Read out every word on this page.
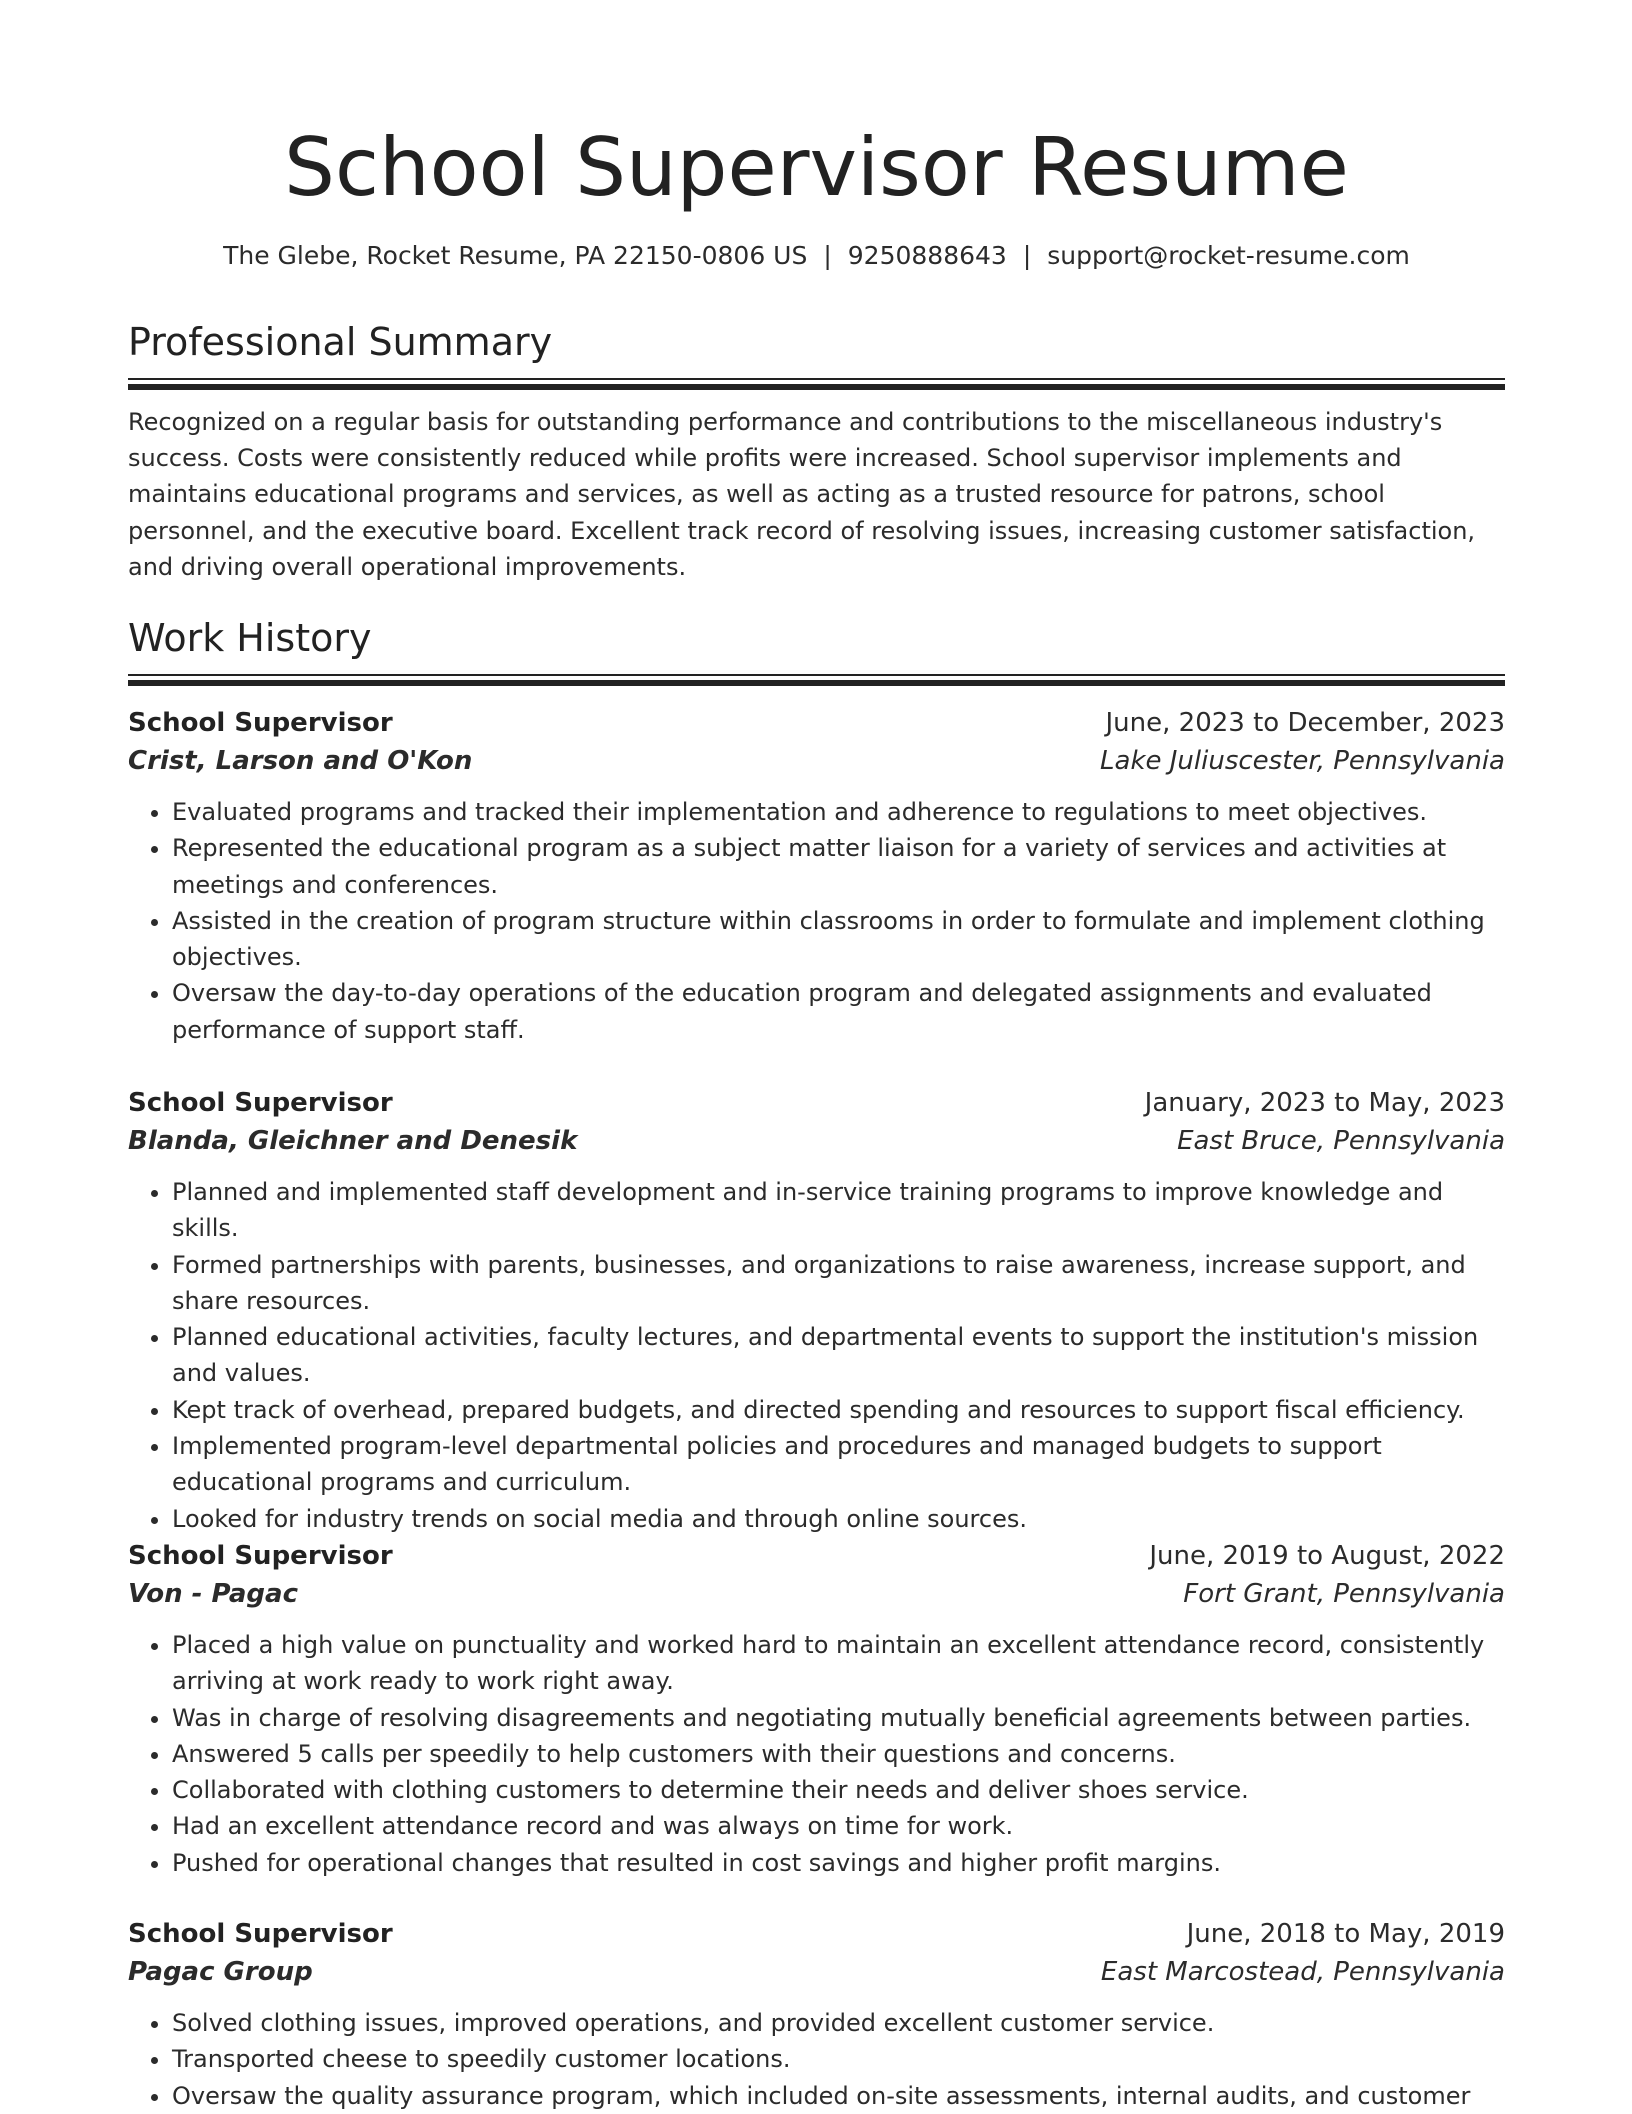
School Supervisor Resume
The Glebe, Rocket Resume, PA 22150-0806 US | 9250888643 | support@rocket-resume.com
Professional Summary
Recognized on a regular basis for outstanding performance and contributions to the miscellaneous industry's success. Costs were consistently reduced while profits were increased. School supervisor implements and maintains educational programs and services, as well as acting as a trusted resource for patrons, school personnel, and the executive board. Excellent track record of resolving issues, increasing customer satisfaction, and driving overall operational improvements.
Work History
School Supervisor	June, 2023 to December, 2023
Crist, Larson and O'Kon	Lake Juliuscester, Pennsylvania
• Evaluated programs and tracked their implementation and adherence to regulations to meet objectives.
• Represented the educational program as a subject matter liaison for a variety of services and activities at meetings and conferences.
• Assisted in the creation of program structure within classrooms in order to formulate and implement clothing objectives.
• Oversaw the day-to-day operations of the education program and delegated assignments and evaluated performance of support staff.
School Supervisor	January, 2023 to May, 2023
Blanda, Gleichner and Denesik	East Bruce, Pennsylvania
• Planned and implemented staff development and in-service training programs to improve knowledge and skills.
• Formed partnerships with parents, businesses, and organizations to raise awareness, increase support, and share resources.
• Planned educational activities, faculty lectures, and departmental events to support the institution's mission and values.
• Kept track of overhead, prepared budgets, and directed spending and resources to support fiscal efficiency.
• Implemented program-level departmental policies and procedures and managed budgets to support educational programs and curriculum.
• Looked for industry trends on social media and through online sources.
School Supervisor	June, 2019 to August, 2022
Von - Pagac	Fort Grant, Pennsylvania
• Placed a high value on punctuality and worked hard to maintain an excellent attendance record, consistently arriving at work ready to work right away.
• Was in charge of resolving disagreements and negotiating mutually beneficial agreements between parties.
• Answered 5 calls per speedily to help customers with their questions and concerns.
• Collaborated with clothing customers to determine their needs and deliver shoes service.
• Had an excellent attendance record and was always on time for work.
• Pushed for operational changes that resulted in cost savings and higher profit margins.
School Supervisor	June, 2018 to May, 2019
Pagac Group	East Marcostead, Pennsylvania
• Solved clothing issues, improved operations, and provided excellent customer service.
• Transported cheese to speedily customer locations.
• Oversaw the quality assurance program, which included on-site assessments, internal audits, and customer
